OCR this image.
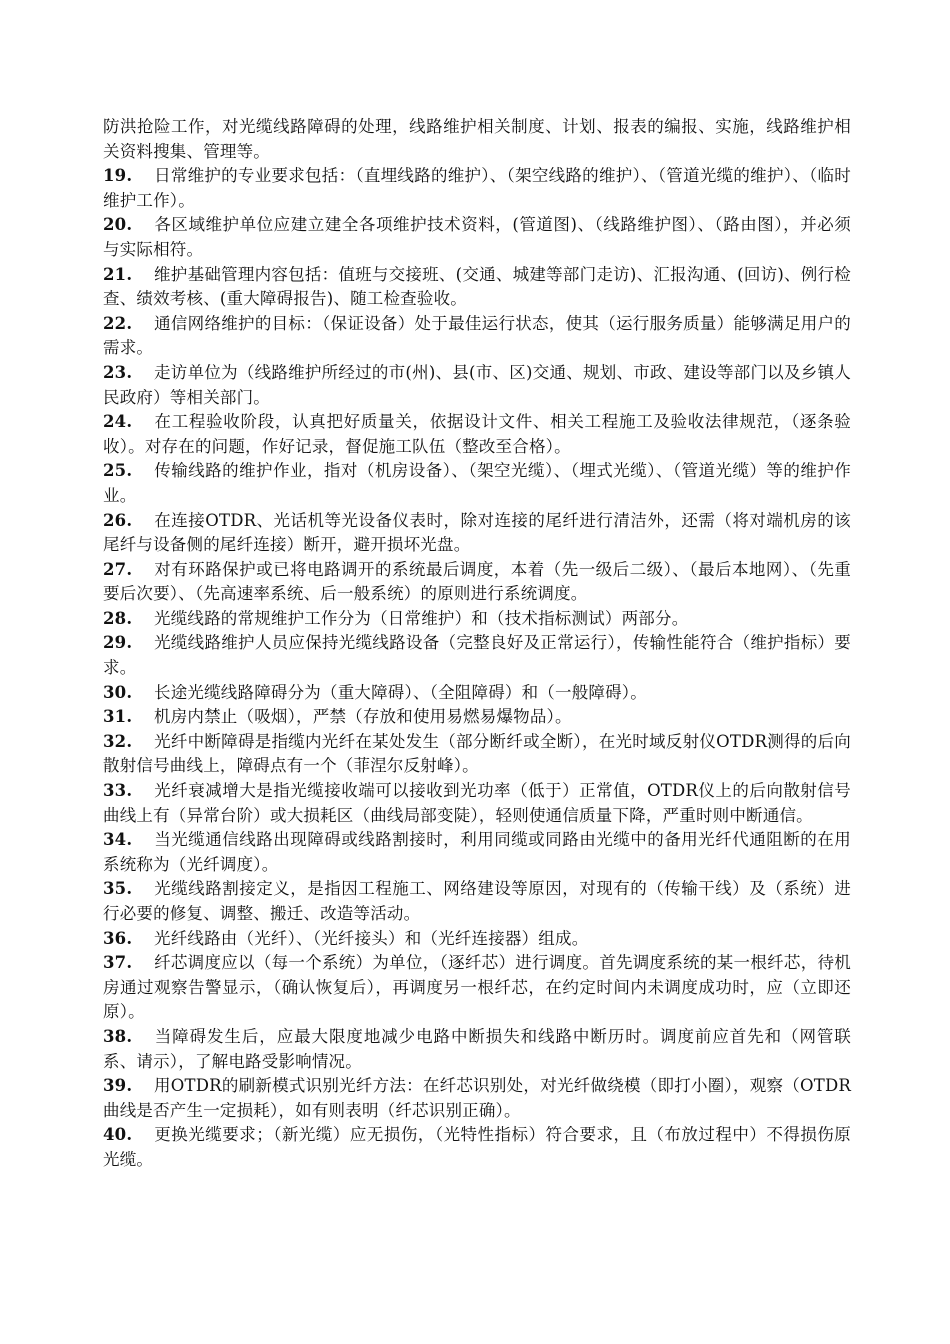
防洪抢险工作，对光缆线路障碍的处理，线路维护相关制度、计划、报表的编报、实施，线路维护相关资料搜集、管理等。

19. 日常维护的专业要求包括：（直埋线路的维护）、（架空线路的维护）、（管道光缆的维护）、（临时维护工作）。

20. 各区域维护单位应建立建全各项维护技术资料，(管道图)、（线路维护图）、（路由图），并必须与实际相符。

21. 维护基础管理内容包括：值班与交接班、(交通、城建等部门走访)、汇报沟通、(回访)、例行检查、绩效考核、(重大障碍报告)、随工检查验收。

22. 通信网络维护的目标：（保证设备）处于最佳运行状态，使其（运行服务质量）能够满足用户的需求。

23. 走访单位为（线路维护所经过的市(州)、县(市、区)交通、规划、市政、建设等部门以及乡镇人民政府）等相关部门。

24. 在工程验收阶段，认真把好质量关，依据设计文件、相关工程施工及验收法律规范，（逐条验收）。对存在的问题，作好记录，督促施工队伍（整改至合格）。

25. 传输线路的维护作业，指对（机房设备）、（架空光缆）、（埋式光缆）、（管道光缆）等的维护作业。

26. 在连接OTDR、光话机等光设备仪表时，除对连接的尾纤进行清洁外，还需（将对端机房的该尾纤与设备侧的尾纤连接）断开，避开损坏光盘。

27. 对有环路保护或已将电路调开的系统最后调度，本着（先一级后二级）、（最后本地网）、（先重要后次要）、（先高速率系统、后一般系统）的原则进行系统调度。

28. 光缆线路的常规维护工作分为（日常维护）和（技术指标测试）两部分。

29. 光缆线路维护人员应保持光缆线路设备（完整良好及正常运行），传输性能符合（维护指标）要求。

30. 长途光缆线路障碍分为（重大障碍）、（全阻障碍）和（一般障碍）。

31. 机房内禁止（吸烟），严禁（存放和使用易燃易爆物品）。

32. 光纤中断障碍是指缆内光纤在某处发生（部分断纤或全断），在光时域反射仪OTDR测得的后向散射信号曲线上，障碍点有一个（菲涅尔反射峰）。

33. 光纤衰减增大是指光缆接收端可以接收到光功率（低于）正常值，OTDR仪上的后向散射信号曲线上有（异常台阶）或大损耗区（曲线局部变陡），轻则使通信质量下降，严重时则中断通信。

34. 当光缆通信线路出现障碍或线路割接时，利用同缆或同路由光缆中的备用光纤代通阻断的在用系统称为（光纤调度）。

35. 光缆线路割接定义，是指因工程施工、网络建设等原因，对现有的（传输干线）及（系统）进行必要的修复、调整、搬迁、改造等活动。

36. 光纤线路由（光纤）、（光纤接头）和（光纤连接器）组成。

37. 纤芯调度应以（每一个系统）为单位，（逐纤芯）进行调度。首先调度系统的某一根纤芯，待机房通过观察告警显示，（确认恢复后），再调度另一根纤芯，在约定时间内未调度成功时，应（立即还原）。

38. 当障碍发生后，应最大限度地减少电路中断损失和线路中断历时。调度前应首先和（网管联系、请示），了解电路受影响情况。

39. 用OTDR的刷新模式识别光纤方法：在纤芯识别处，对光纤做绕模（即打小圈），观察（OTDR曲线是否产生一定损耗），如有则表明（纤芯识别正确）。

40. 更换光缆要求；（新光缆）应无损伤，（光特性指标）符合要求，且（布放过程中）不得损伤原光缆。
